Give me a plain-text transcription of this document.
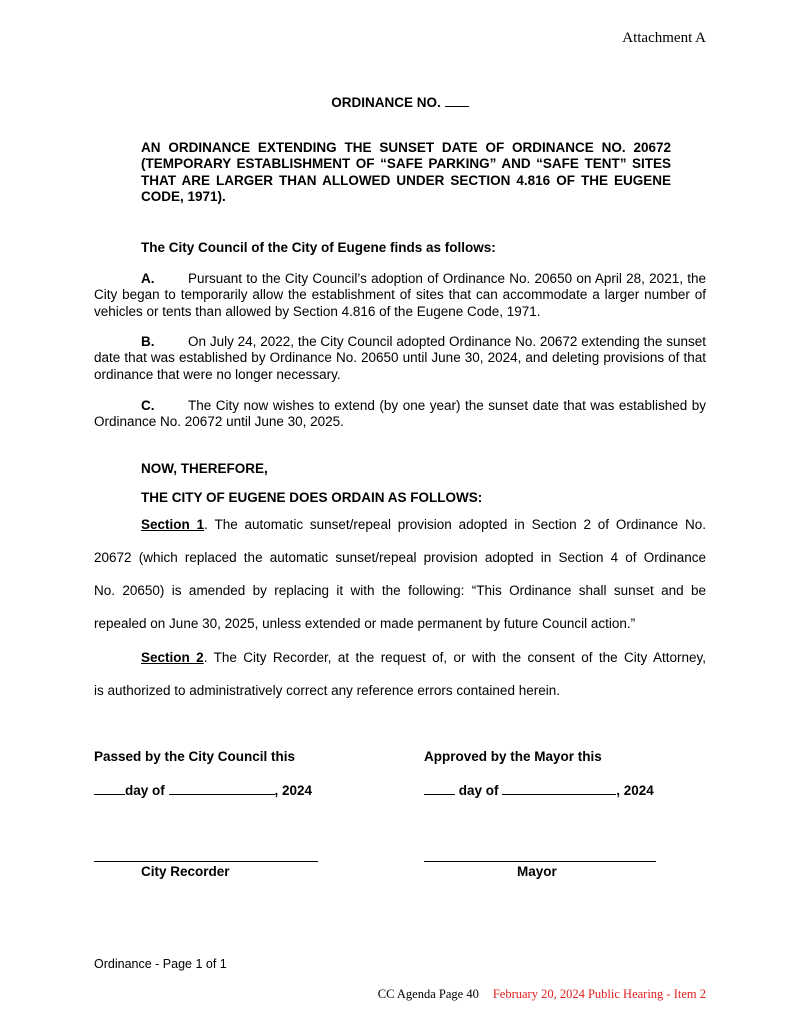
Attachment A
ORDINANCE NO.
AN ORDINANCE EXTENDING THE SUNSET DATE OF ORDINANCE NO. 20672 (TEMPORARY ESTABLISHMENT OF “SAFE PARKING” AND “SAFE TENT” SITES THAT ARE LARGER THAN ALLOWED UNDER SECTION 4.816 OF THE EUGENE CODE, 1971).
The City Council of the City of Eugene finds as follows:
A. Pursuant to the City Council’s adoption of Ordinance No. 20650 on April 28, 2021, the City began to temporarily allow the establishment of sites that can accommodate a larger number of vehicles or tents than allowed by Section 4.816 of the Eugene Code, 1971.
B. On July 24, 2022, the City Council adopted Ordinance No. 20672 extending the sunset date that was established by Ordinance No. 20650 until June 30, 2024, and deleting provisions of that ordinance that were no longer necessary.
C. The City now wishes to extend (by one year) the sunset date that was established by Ordinance No. 20672 until June 30, 2025.
NOW, THEREFORE,
THE CITY OF EUGENE DOES ORDAIN AS FOLLOWS:
Section 1. The automatic sunset/repeal provision adopted in Section 2 of Ordinance No.
20672 (which replaced the automatic sunset/repeal provision adopted in Section 4 of Ordinance
No. 20650) is amended by replacing it with the following: “This Ordinance shall sunset and be
repealed on June 30, 2025, unless extended or made permanent by future Council action.”
Section 2. The City Recorder, at the request of, or with the consent of the City Attorney,
is authorized to administratively correct any reference errors contained herein.
Passed by the City Council this	Approved by the Mayor this
day of	, 2024	day of	, 2024
City Recorder	Mayor
Ordinance - Page 1 of 1
CC Agenda Page 40 February 20, 2024 Public Hearing - Item 2
